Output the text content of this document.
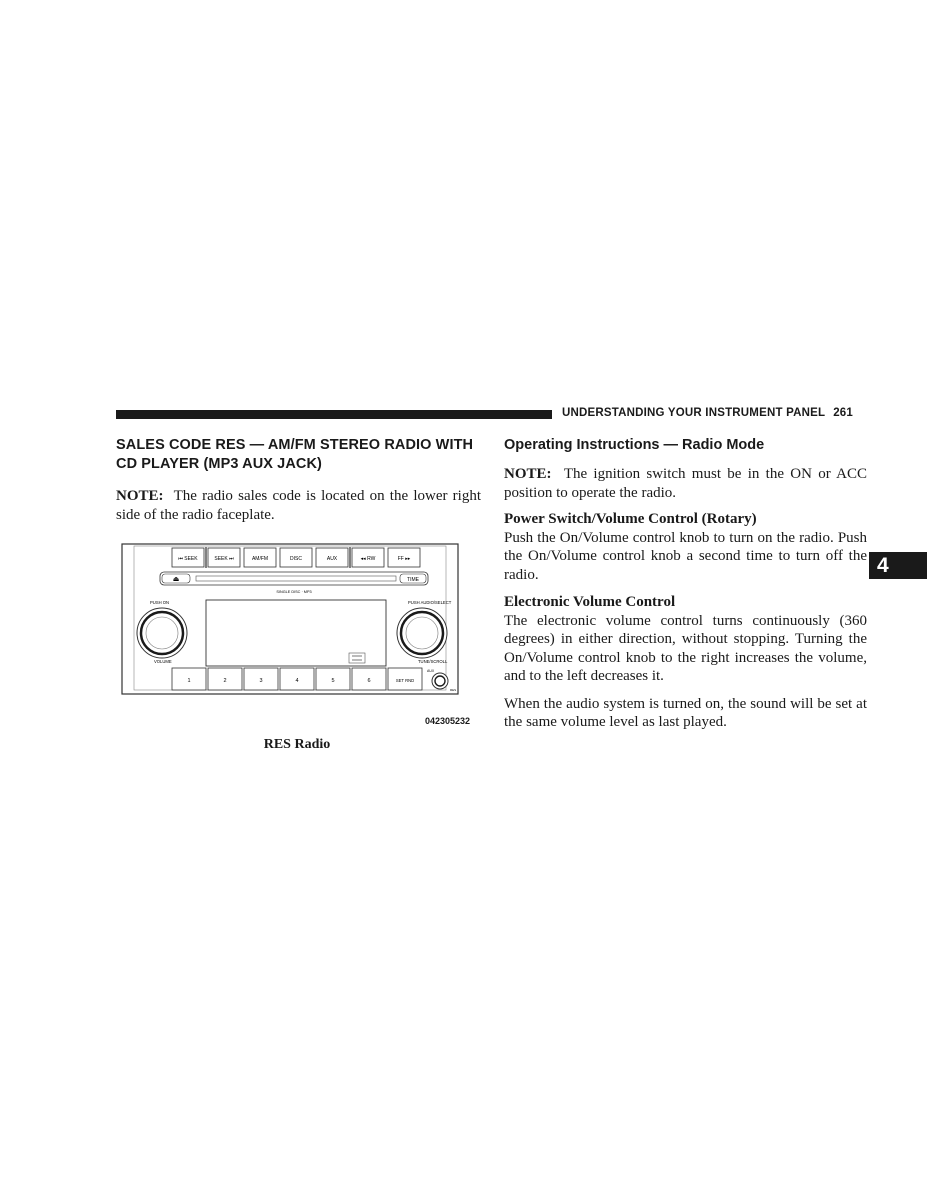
UNDERSTANDING YOUR INSTRUMENT PANEL 261
4
SALES CODE RES — AM/FM STEREO RADIO WITH CD PLAYER (MP3 AUX JACK)

NOTE: The radio sales code is located on the lower right side of the radio faceplate.

⏮ SEEK	SEEK ⏭	AM/FM	DISC	AUX	◂◂ RW	FF ▸▸
⏏	TIME
SINGLE DISC · MP3
PUSH ON
VOLUME
PUSH AUDIO/SELECT
TUNE/SCROLL
1	2	3	4	5	6	SET RND
AUX
RES
042305232
RES Radio
Operating Instructions — Radio Mode

NOTE: The ignition switch must be in the ON or ACC position to operate the radio.

Power Switch/Volume Control (Rotary)

Push the On/Volume control knob to turn on the radio. Push the On/Volume control knob a second time to turn off the radio.

Electronic Volume Control

The electronic volume control turns continuously (360 degrees) in either direction, without stopping. Turning the On/Volume control knob to the right increases the volume, and to the left decreases it.

When the audio system is turned on, the sound will be set at the same volume level as last played.
